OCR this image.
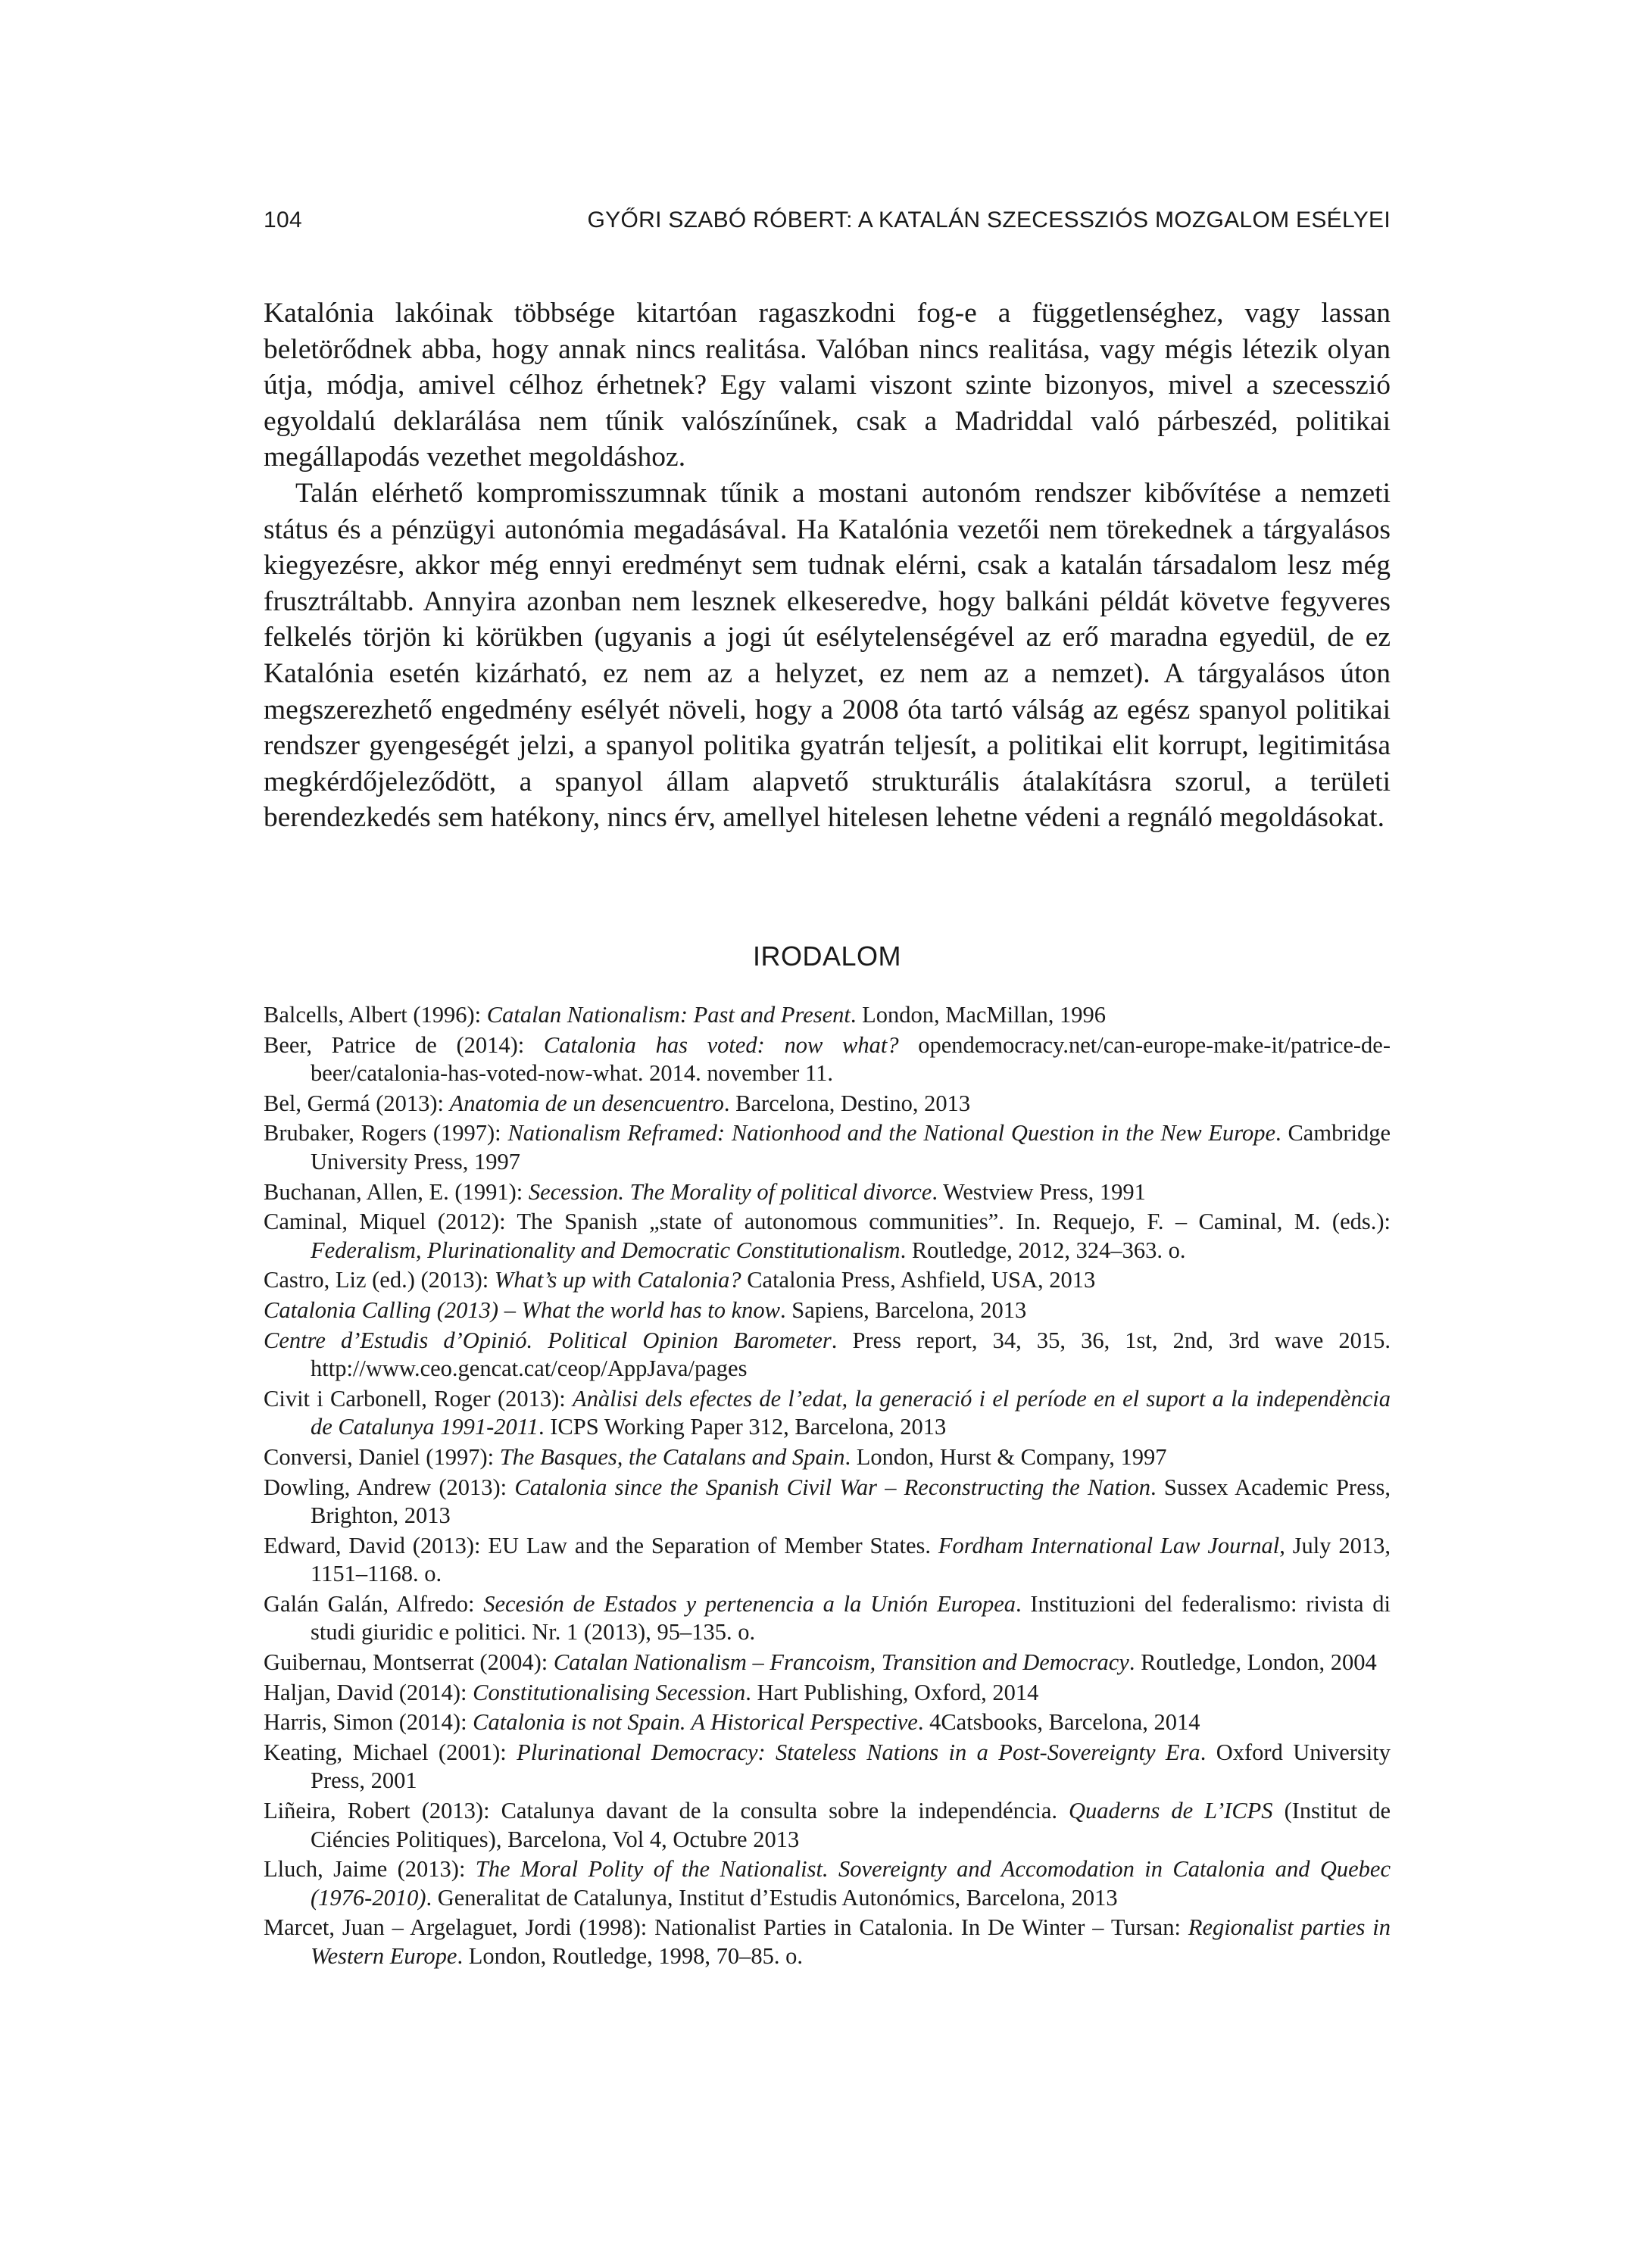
104	GYŐRI SZABÓ RÓBERT: A KATALÁN SZECESSZIÓS MOZGALOM ESÉLYEI

Katalónia lakóinak többsége kitartóan ragaszkodni fog-e a függetlenséghez, vagy lassan beletörődnek abba, hogy annak nincs realitása. Valóban nincs realitása, vagy mégis létezik olyan útja, módja, amivel célhoz érhetnek? Egy valami viszont szinte bizonyos, mivel a szecesszió egyoldalú deklarálása nem tűnik valószínűnek, csak a Madriddal való párbeszéd, politikai megállapodás vezethet megoldáshoz.

Talán elérhető kompromisszumnak tűnik a mostani autonóm rendszer kibővítése a nemzeti státus és a pénzügyi autonómia megadásával. Ha Katalónia vezetői nem törekednek a tárgyalásos kiegyezésre, akkor még ennyi eredményt sem tudnak elérni, csak a katalán társadalom lesz még frusztráltabb. Annyira azonban nem lesznek elkeseredve, hogy balkáni példát követve fegyveres felkelés törjön ki körükben (ugyanis a jogi út esélytelenségével az erő maradna egyedül, de ez Katalónia esetén kizárható, ez nem az a helyzet, ez nem az a nemzet). A tárgyalásos úton megszerezhető engedmény esélyét növeli, hogy a 2008 óta tartó válság az egész spanyol politikai rendszer gyengeségét jelzi, a spanyol politika gyatrán teljesít, a politikai elit korrupt, legitimitása megkérdőjeleződött, a spanyol állam alapvető strukturális átalakításra szorul, a területi berendezkedés sem hatékony, nincs érv, amellyel hitelesen lehetne védeni a regnáló megoldásokat.

IRODALOM
Balcells, Albert (1996): Catalan Nationalism: Past and Present. London, MacMillan, 1996
Beer, Patrice de (2014): Catalonia has voted: now what? opendemocracy.net/can-europe-make-it/patrice-de-beer/catalonia-has-voted-now-what. 2014. november 11.
Bel, Germá (2013): Anatomia de un desencuentro. Barcelona, Destino, 2013
Brubaker, Rogers (1997): Nationalism Reframed: Nationhood and the National Question in the New Europe. Cambridge University Press, 1997
Buchanan, Allen, E. (1991): Secession. The Morality of political divorce. Westview Press, 1991
Caminal, Miquel (2012): The Spanish „state of autonomous communities”. In. Requejo, F. – Caminal, M. (eds.): Federalism, Plurinationality and Democratic Constitutionalism. Routledge, 2012, 324–363. o.
Castro, Liz (ed.) (2013): What’s up with Catalonia? Catalonia Press, Ashfield, USA, 2013
Catalonia Calling (2013) – What the world has to know. Sapiens, Barcelona, 2013
Centre d’Estudis d’Opinió. Political Opinion Barometer. Press report, 34, 35, 36, 1st, 2nd, 3rd wave 2015. http://www.ceo.gencat.cat/ceop/AppJava/pages
Civit i Carbonell, Roger (2013): Anàlisi dels efectes de l’edat, la generació i el període en el suport a la independència de Catalunya 1991-2011. ICPS Working Paper 312, Barcelona, 2013
Conversi, Daniel (1997): The Basques, the Catalans and Spain. London, Hurst & Company, 1997
Dowling, Andrew (2013): Catalonia since the Spanish Civil War – Reconstructing the Nation. Sussex Academic Press, Brighton, 2013
Edward, David (2013): EU Law and the Separation of Member States. Fordham International Law Journal, July 2013, 1151–1168. o.
Galán Galán, Alfredo: Secesión de Estados y pertenencia a la Unión Europea. Instituzioni del federalismo: rivista di studi giuridic e politici. Nr. 1 (2013), 95–135. o.
Guibernau, Montserrat (2004): Catalan Nationalism – Francoism, Transition and Democracy. Routledge, London, 2004
Haljan, David (2014): Constitutionalising Secession. Hart Publishing, Oxford, 2014
Harris, Simon (2014): Catalonia is not Spain. A Historical Perspective. 4Catsbooks, Barcelona, 2014
Keating, Michael (2001): Plurinational Democracy: Stateless Nations in a Post-Sovereignty Era. Oxford University Press, 2001
Liñeira, Robert (2013): Catalunya davant de la consulta sobre la independéncia. Quaderns de L’ICPS (Institut de Ciéncies Politiques), Barcelona, Vol 4, Octubre 2013
Lluch, Jaime (2013): The Moral Polity of the Nationalist. Sovereignty and Accomodation in Catalonia and Quebec (1976-2010). Generalitat de Catalunya, Institut d’Estudis Autonómics, Barcelona, 2013
Marcet, Juan – Argelaguet, Jordi (1998): Nationalist Parties in Catalonia. In De Winter – Tursan: Regionalist parties in Western Europe. London, Routledge, 1998, 70–85. o.
